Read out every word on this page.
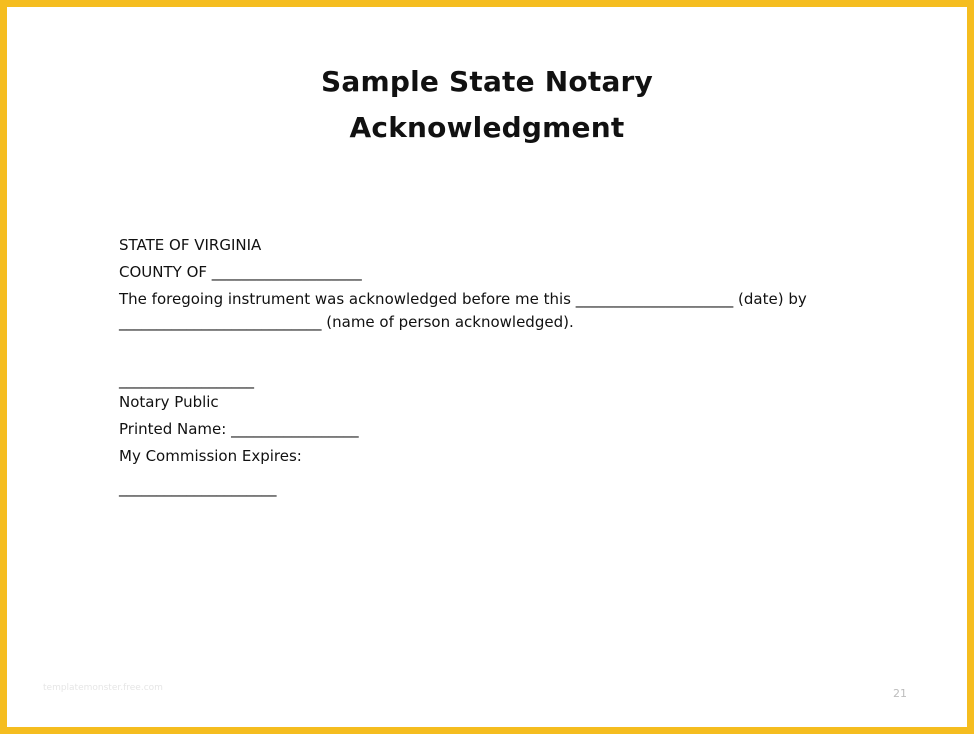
Sample State Notary
Acknowledgment
STATE OF VIRGINIA
COUNTY OF ____________________
The foregoing instrument was acknowledged before me this _____________________ (date) by
___________________________ (name of person acknowledged).
__________________
Notary Public
Printed Name: _________________
My Commission Expires:
_____________________
templatemonster.free.com	21
